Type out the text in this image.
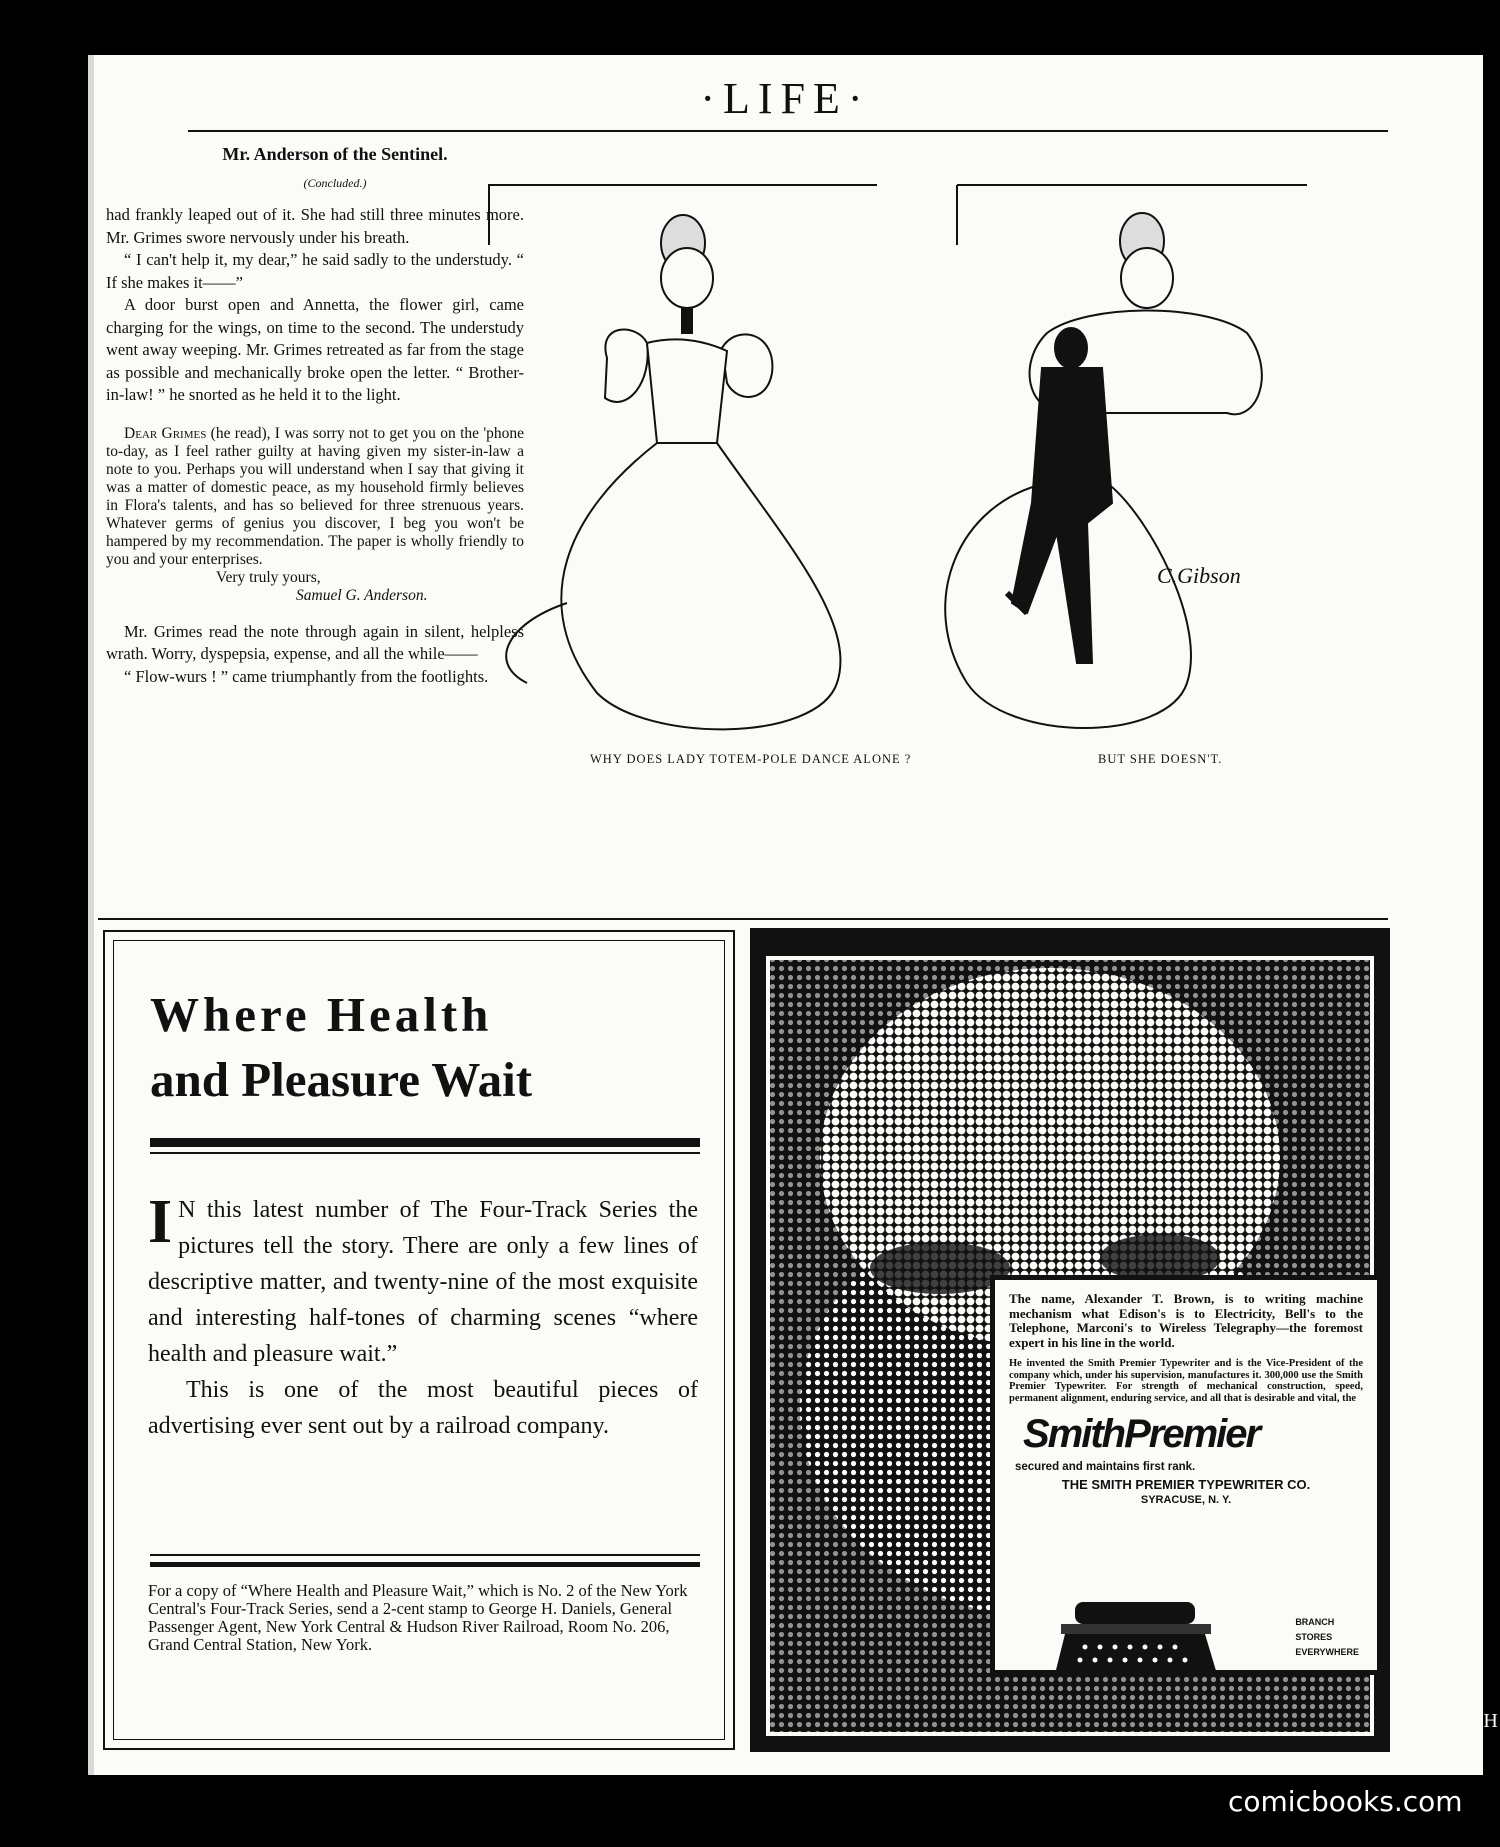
·LIFE·
Mr. Anderson of the Sentinel.
(Concluded.)

had frankly leaped out of it. She had still three minutes more. Mr. Grimes swore nervously under his breath.

“ I can't help it, my dear,” he said sadly to the understudy. “ If she makes it——”

A door burst open and Annetta, the flower girl, came charging for the wings, on time to the second. The understudy went away weeping. Mr. Grimes retreated as far from the stage as possible and mechanically broke open the letter. “ Brother-in-law! ” he snorted as he held it to the light.

Dear Grimes (he read), I was sorry not to get you on the 'phone to-day, as I feel rather guilty at having given my sister-in-law a note to you. Perhaps you will understand when I say that giving it was a matter of domestic peace, as my household firmly believes in Flora's talents, and has so believed for three strenuous years. Whatever germs of genius you discover, I beg you won't be hampered by my recommendation. The paper is wholly friendly to you and your enterprises.

Very truly yours,

Samuel G. Anderson.

Mr. Grimes read the note through again in silent, helpless wrath. Worry, dyspepsia, expense, and all the while——

“ Flow-wurs ! ” came triumphantly from the footlights.

C.Gibson
WHY DOES LADY TOTEM-POLE DANCE ALONE ?	BUT SHE DOESN'T.
Where Health
and Pleasure Wait

I N this latest number of The Four-Track Series the pictures tell the story. There are only a few lines of descriptive matter, and twenty-nine of the most exquisite and interesting half-tones of charming scenes “where health and pleasure wait.”

This is one of the most beautiful pieces of advertising ever sent out by a railroad company.

For a copy of “Where Health and Pleasure Wait,” which is No. 2 of the New York Central's Four-Track Series, send a 2-cent stamp to George H. Daniels, General Passenger Agent, New York Central & Hudson River Railroad, Room No. 206, Grand Central Station, New York.
The name, Alexander T. Brown, is to writing machine mechanism what Edison's is to Electricity, Bell's to the Telephone, Marconi's to Wireless Telegraphy—the foremost expert in his line in the world.
He invented the Smith Premier Typewriter and is the Vice-President of the company which, under his supervision, manufactures it. 300,000 use the Smith Premier Typewriter. For strength of mechanical construction, speed, permanent alignment, enduring service, and all that is desirable and vital, the
SmithPremier
secured and maintains first rank.
THE SMITH PREMIER TYPEWRITER CO.
SYRACUSE, N. Y.
BRANCH
STORES
EVERYWHERE
CH
comicbooks.com
